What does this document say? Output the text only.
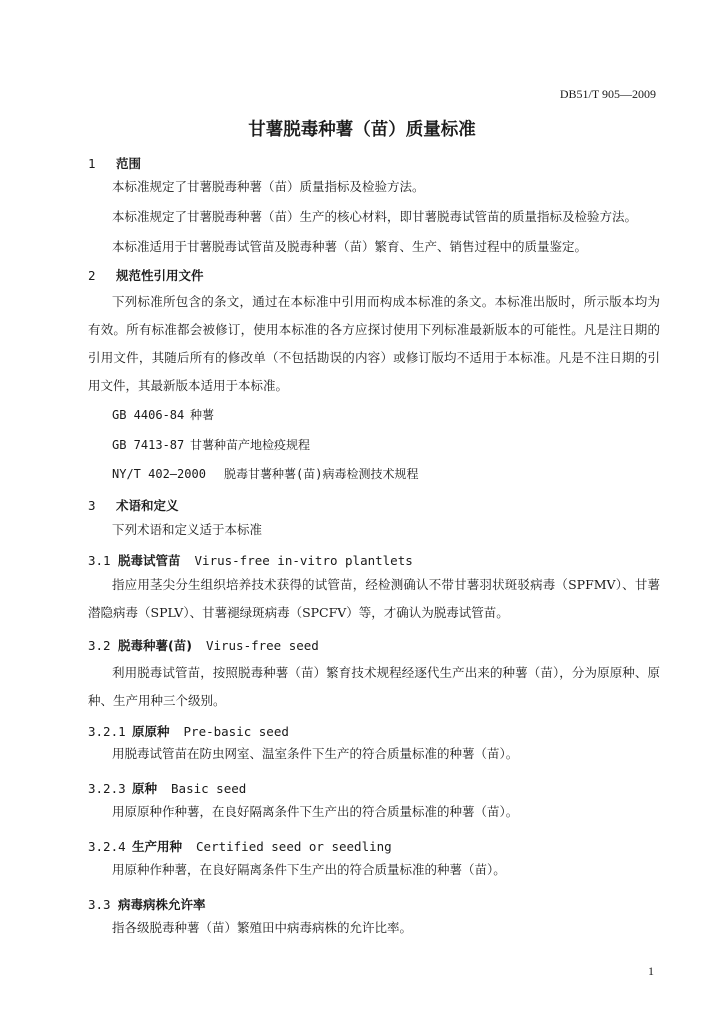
DB51/T 905—2009
甘薯脱毒种薯（苗）质量标准
1 范围
本标准规定了甘薯脱毒种薯（苗）质量指标及检验方法。
本标准规定了甘薯脱毒种薯（苗）生产的核心材料，即甘薯脱毒试管苗的质量指标及检验方法。
本标准适用于甘薯脱毒试管苗及脱毒种薯（苗）繁育、生产、销售过程中的质量鉴定。
2 规范性引用文件
下列标准所包含的条文，通过在本标准中引用而构成本标准的条文。本标准出版时，所示版本均为有效。所有标准都会被修订，使用本标准的各方应探讨使用下列标准最新版本的可能性。凡是注日期的引用文件，其随后所有的修改单（不包括勘误的内容）或修订版均不适用于本标准。凡是不注日期的引用文件，其最新版本适用于本标准。
GB 4406-84 种薯
GB 7413-87 甘薯种苗产地检疫规程
NY/T 402—2000 脱毒甘薯种薯(苗)病毒检测技术规程
3 术语和定义
下列术语和定义适于本标准
3.1 脱毒试管苗 Virus-free in-vitro plantlets
指应用茎尖分生组织培养技术获得的试管苗，经检测确认不带甘薯羽状斑驳病毒（SPFMV）、甘薯潜隐病毒（SPLV）、甘薯褪绿斑病毒（SPCFV）等，才确认为脱毒试管苗。
3.2 脱毒种薯(苗) Virus-free seed
利用脱毒试管苗，按照脱毒种薯（苗）繁育技术规程经逐代生产出来的种薯（苗），分为原原种、原种、生产用种三个级别。
3.2.1 原原种 Pre-basic seed
用脱毒试管苗在防虫网室、温室条件下生产的符合质量标准的种薯（苗）。
3.2.3 原种 Basic seed
用原原种作种薯，在良好隔离条件下生产出的符合质量标准的种薯（苗）。
3.2.4 生产用种 Certified seed or seedling
用原种作种薯，在良好隔离条件下生产出的符合质量标准的种薯（苗）。
3.3 病毒病株允许率
指各级脱毒种薯（苗）繁殖田中病毒病株的允许比率。
1
